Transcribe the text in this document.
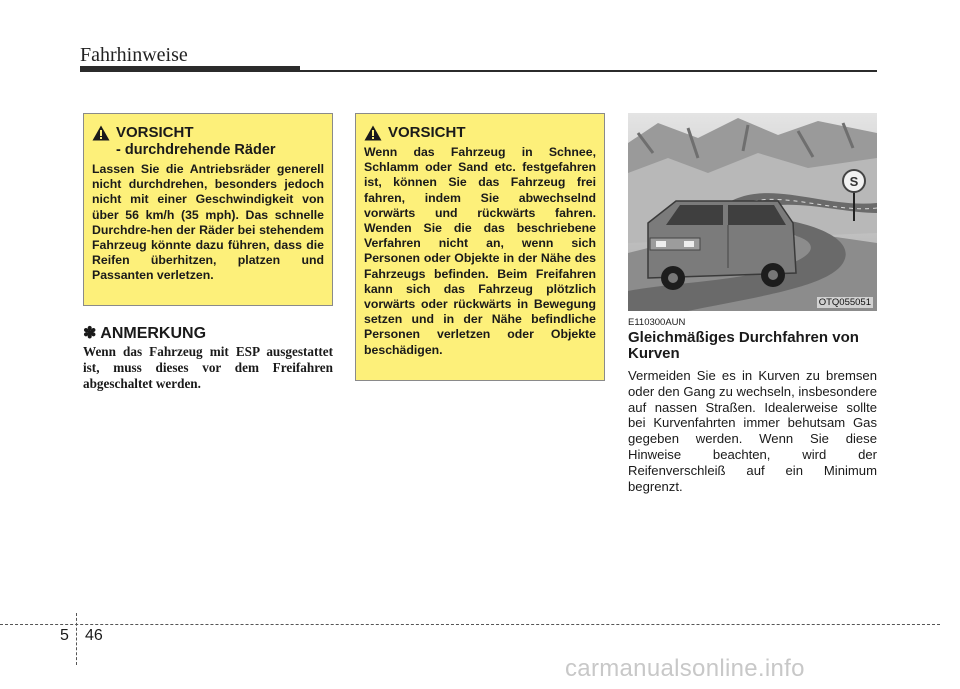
Fahrhinweise
VORSICHT
- durchdrehende Räder
Lassen Sie die Antriebsräder generell nicht durchdrehen, besonders jedoch nicht mit einer Geschwindigkeit von über 56 km/h (35 mph). Das schnelle Durchdre-hen der Räder bei stehendem Fahrzeug könnte dazu führen, dass die Reifen überhitzen, platzen und Passanten verletzen.
✽ ANMERKUNG
Wenn das Fahrzeug mit ESP ausgestattet ist, muss dieses vor dem Freifahren abgeschaltet werden.
VORSICHT
Wenn das Fahrzeug in Schnee, Schlamm oder Sand etc. festgefahren ist, können Sie das Fahrzeug frei fahren, indem Sie abwechselnd vorwärts und rückwärts fahren. Wenden Sie die das beschriebene Verfahren nicht an, wenn sich Personen oder Objekte in der Nähe des Fahrzeugs befinden. Beim Freifahren kann sich das Fahrzeug plötzlich vorwärts oder rückwärts in Bewegung setzen und in der Nähe befindliche Personen verletzen oder Objekte beschädigen.
S
OTQ055051
E110300AUN
Gleichmäßiges Durchfahren von Kurven
Vermeiden Sie es in Kurven zu bremsen oder den Gang zu wechseln, insbesondere auf nassen Straßen. Idealerweise sollte bei Kurvenfahrten immer behutsam Gas gegeben werden. Wenn Sie diese Hinweise beachten, wird der Reifenverschleiß auf ein Minimum begrenzt.
5 46
carmanualsonline.info
